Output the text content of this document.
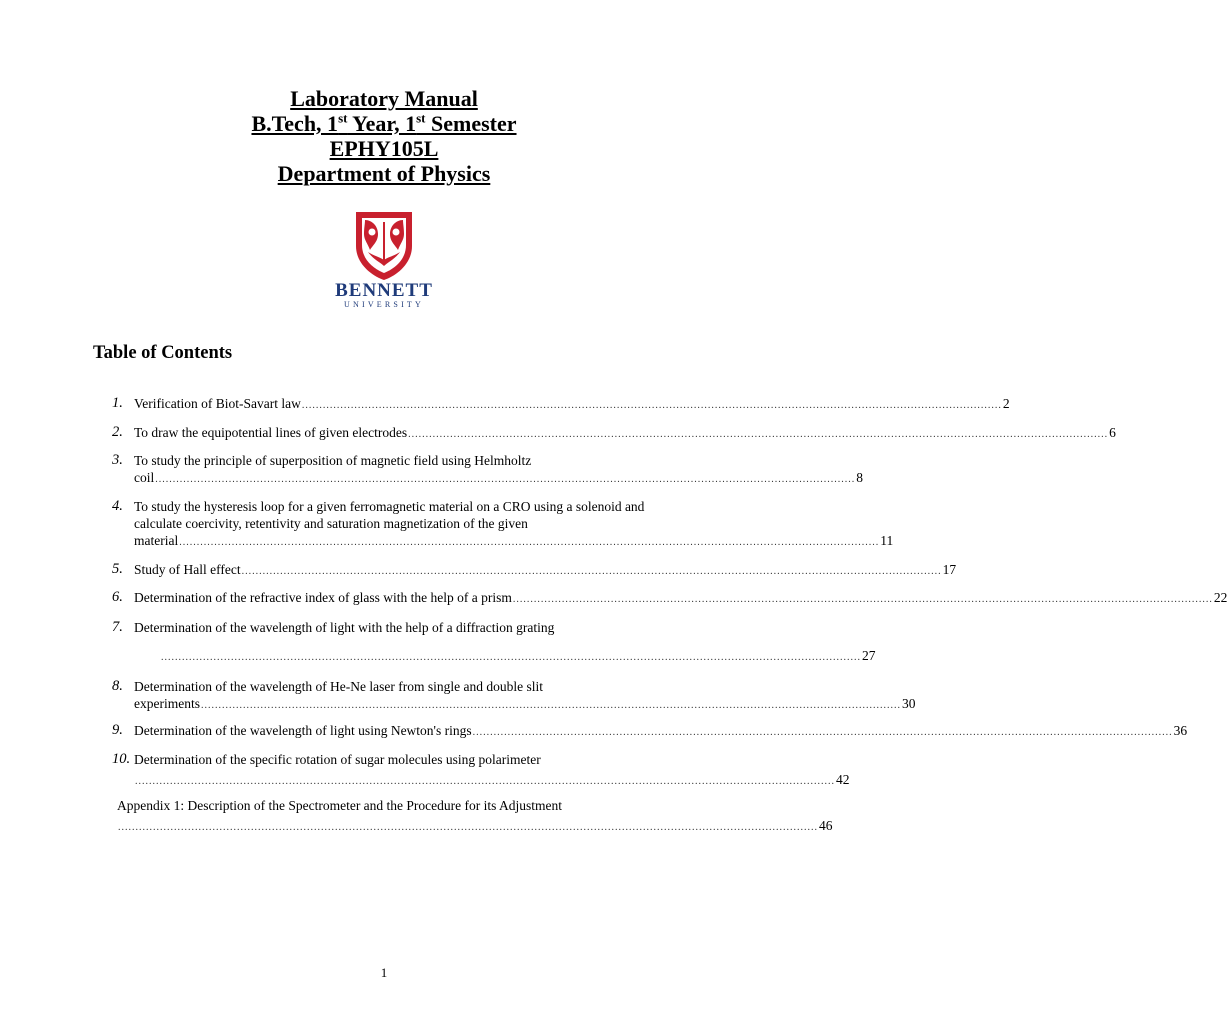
Laboratory Manual
B.Tech, 1st Year, 1st Semester
EPHY105L
Department of Physics
BENNETT
UNIVERSITY
Table of Contents
1. Verification of Biot-Savart law ........................................................................................................................................................................................................ 2
2. To draw the equipotential lines of given electrodes ........................................................................................................................................................................................................ 6
3. To study the principle of superposition of magnetic field using Helmholtz
coil ........................................................................................................................................................................................................ 8
4. To study the hysteresis loop for a given ferromagnetic material on a CRO using a solenoid and calculate coercivity, retentivity and saturation magnetization of the given
material ........................................................................................................................................................................................................ 11
5. Study of Hall effect ........................................................................................................................................................................................................ 17
6. Determination of the refractive index of glass with the help of a prism ........................................................................................................................................................................................................ 22
7. Determination of the wavelength of light with the help of a diffraction grating
........................................................................................................................................................................................................ 27
8. Determination of the wavelength of He-Ne laser from single and double slit
experiments ........................................................................................................................................................................................................ 30
9. Determination of the wavelength of light using Newton's rings ........................................................................................................................................................................................................ 36
10. Determination of the specific rotation of sugar molecules using polarimeter
........................................................................................................................................................................................................ 42
Appendix 1: Description of the Spectrometer and the Procedure for its Adjustment
........................................................................................................................................................................................................ 46
1
